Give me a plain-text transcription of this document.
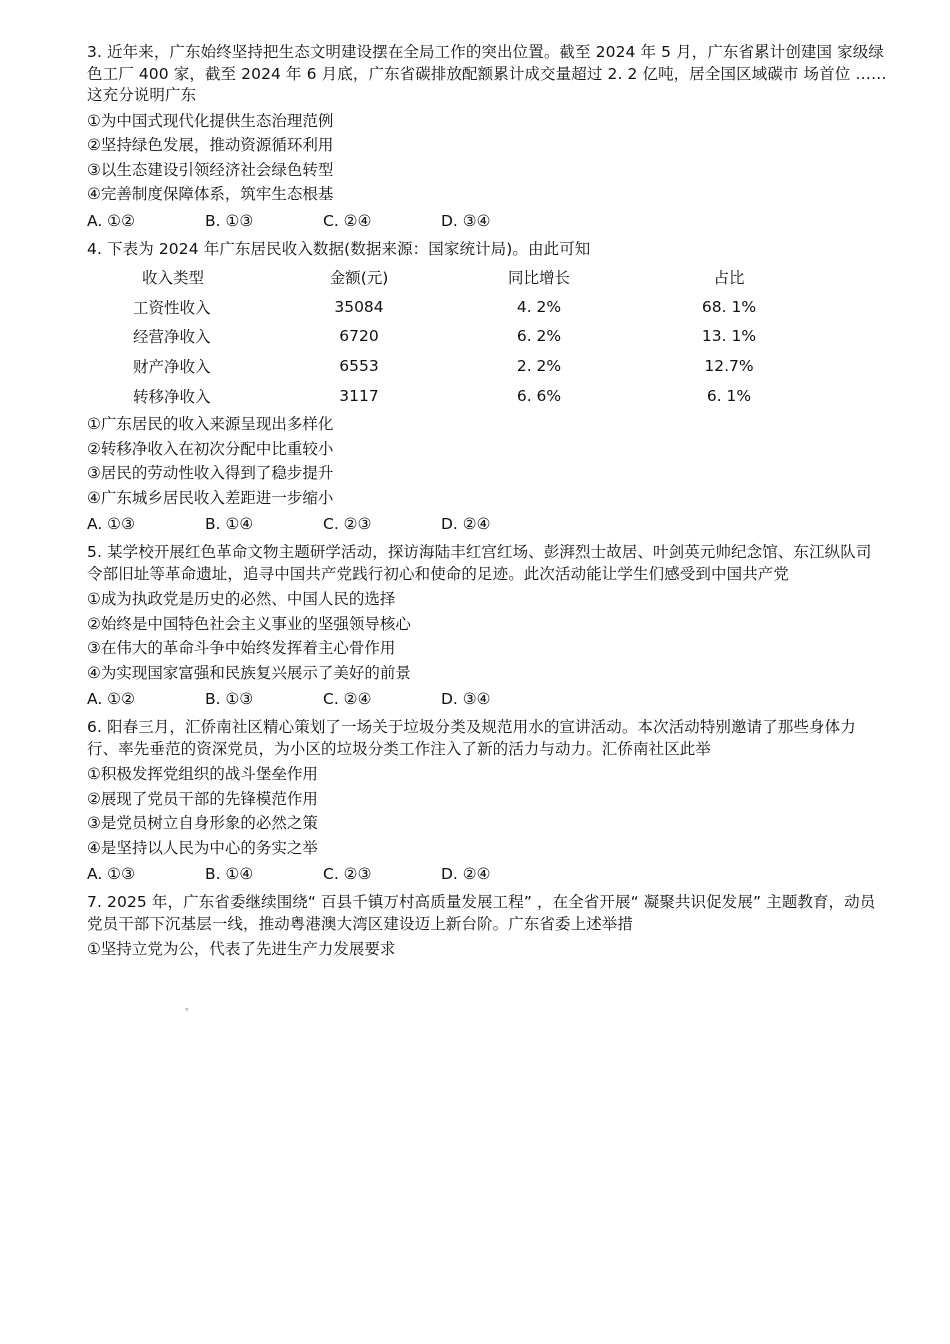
3. 近年来，广东始终坚持把生态文明建设摆在全局工作的突出位置。截至 2024 年 5 月，广东省累计创建国 家级绿色工厂 400 家，截至 2024 年 6 月底，广东省碳排放配额累计成交量超过 2. 2 亿吨，居全国区域碳市 场首位 ……这充分说明广东

①为中国式现代化提供生态治理范例
②坚持绿色发展，推动资源循环利用
③以生态建设引领经济社会绿色转型
④完善制度保障体系，筑牢生态根基
A. ①②	B. ①③	C. ②④	D. ③④

4. 下表为 2024 年广东居民收入数据(数据来源：国家统计局)。由此可知

收入类型	金额(元)	同比增长	占比
工资性收入	35084	4. 2%	68. 1%
经营净收入	6720	6. 2%	13. 1%
财产净收入	6553	2. 2%	12.7%
转移净收入	3117	6. 6%	6. 1%
①广东居民的收入来源呈现出多样化
②转移净收入在初次分配中比重较小
③居民的劳动性收入得到了稳步提升
④广东城乡居民收入差距进一步缩小
A. ①③	B. ①④	C. ②③	D. ②④

5. 某学校开展红色革命文物主题研学活动，探访海陆丰红宫红场、彭湃烈士故居、叶剑英元帅纪念馆、东江纵队司令部旧址等革命遗址，追寻中国共产党践行初心和使命的足迹。此次活动能让学生们感受到中国共产党

①成为执政党是历史的必然、中国人民的选择
②始终是中国特色社会主义事业的坚强领导核心
③在伟大的革命斗争中始终发挥着主心骨作用
④为实现国家富强和民族复兴展示了美好的前景
A. ①②	B. ①③	C. ②④	D. ③④

6. 阳春三月，汇侨南社区精心策划了一场关于垃圾分类及规范用水的宣讲活动。本次活动特别邀请了那些身体力行、率先垂范的资深党员，为小区的垃圾分类工作注入了新的活力与动力。汇侨南社区此举

①积极发挥党组织的战斗堡垒作用
②展现了党员干部的先锋模范作用
③是党员树立自身形象的必然之策
④是坚持以人民为中心的务实之举
A. ①③	B. ①④	C. ②③	D. ②④

7. 2025 年，广东省委继续围绕“ 百县千镇万村高质量发展工程” ，在全省开展“ 凝聚共识促发展” 主题教育，动员党员干部下沉基层一线，推动粤港澳大湾区建设迈上新台阶。广东省委上述举措

①坚持立党为公，代表了先进生产力发展要求
。
